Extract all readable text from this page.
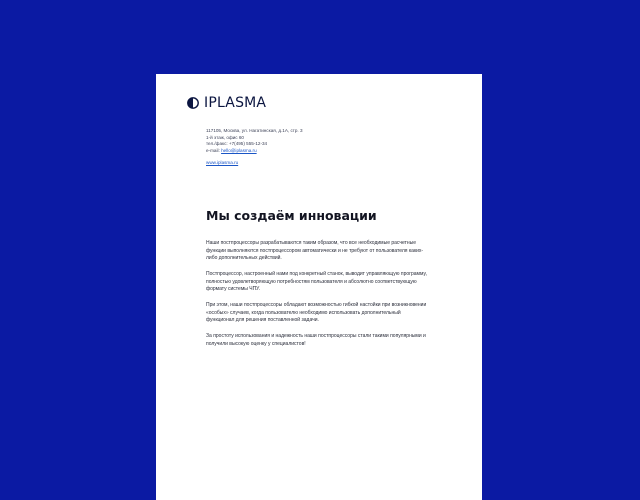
IPLASMA
117105, Москва, ул. Нагатинская, д.1A, стр. 3
1-й этаж, офис 60
тел./факс: +7(495) 555-12-34
e-mail: hello@iplasma.ru
www.iplasma.ru
Мы создаём инновации

Наши постпроцессоры разрабатываются таким образом, что все необходимые расчетные функции выполняются постпроцессором автоматически и не требуют от пользователя каких-либо дополнительных действий.

Постпроцессор, настроенный нами под конкретный станок, выводит управляющую программу, полностью удовлетворяющую потребностям пользователя и абсолютно соответствующую формату системы ЧПУ.

При этом, наши постпроцессоры обладают возможностью гибкой настойки при возникновении «особых» случаев, когда пользователю необходимо использовать дополнительный функционал для решения поставленной задачи.

За простоту использования и надежность наши постпроцессоры стали такими популярными и получили высокую оценку у специалистов!
